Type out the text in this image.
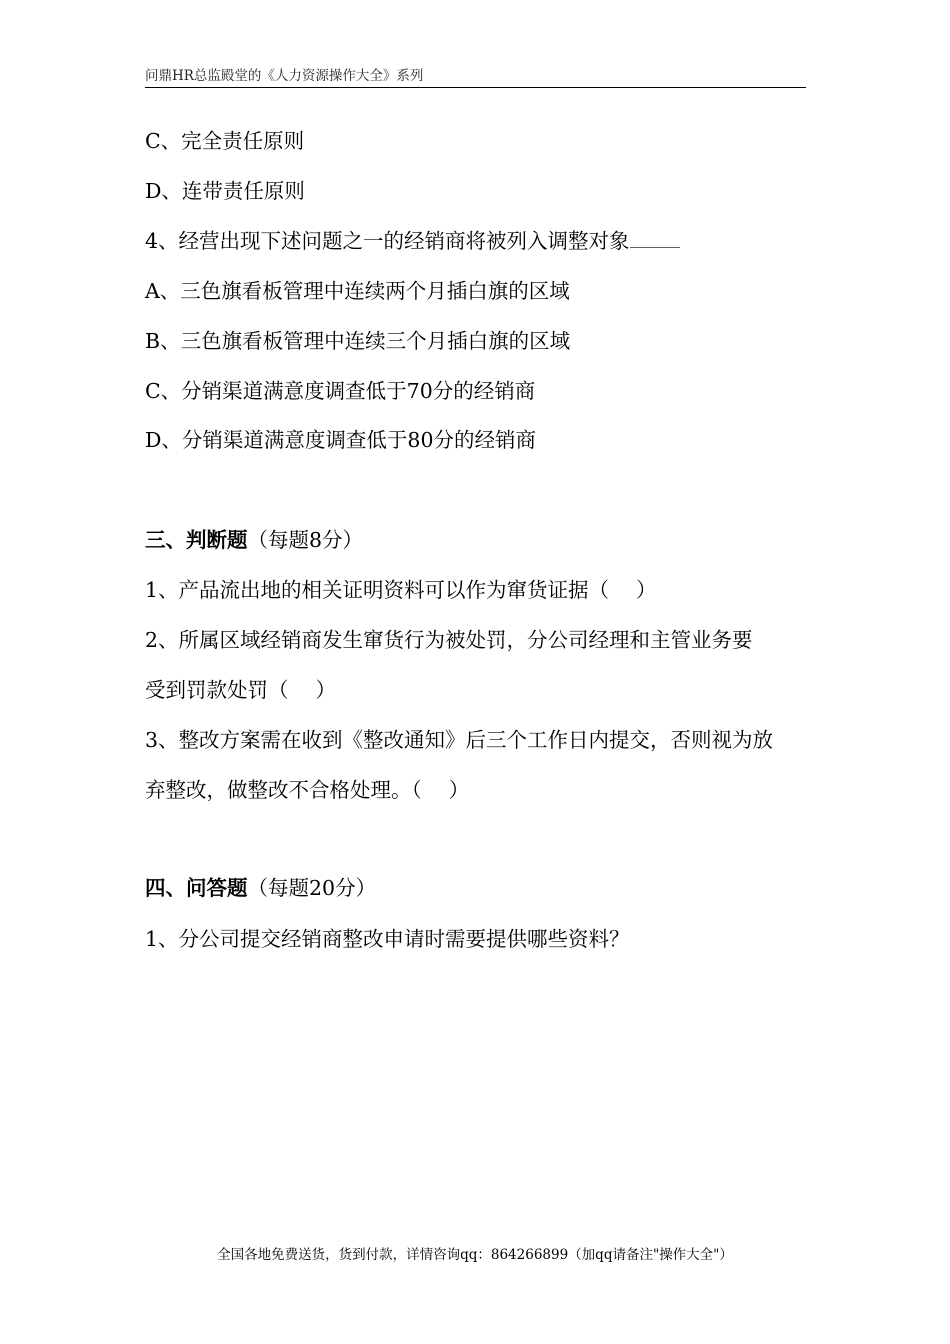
问鼎HR总监殿堂的《人力资源操作大全》系列
C、完全责任原则
D、连带责任原则
4、经营出现下述问题之一的经销商将被列入调整对象
A、三色旗看板管理中连续两个月插白旗的区域
B、三色旗看板管理中连续三个月插白旗的区域
C、分销渠道满意度调查低于70分的经销商
D、分销渠道满意度调查低于80分的经销商
三、判断题（每题8分）
1、产品流出地的相关证明资料可以作为窜货证据（　 ）
2、所属区域经销商发生窜货行为被处罚，分公司经理和主管业务要
受到罚款处罚（　 ）
3、整改方案需在收到《整改通知》后三个工作日内提交，否则视为放
弃整改，做整改不合格处理。（　 ）
四、问答题（每题20分）
1、分公司提交经销商整改申请时需要提供哪些资料？
全国各地免费送货，货到付款，详情咨询qq：864266899（加qq请备注"操作大全"）
